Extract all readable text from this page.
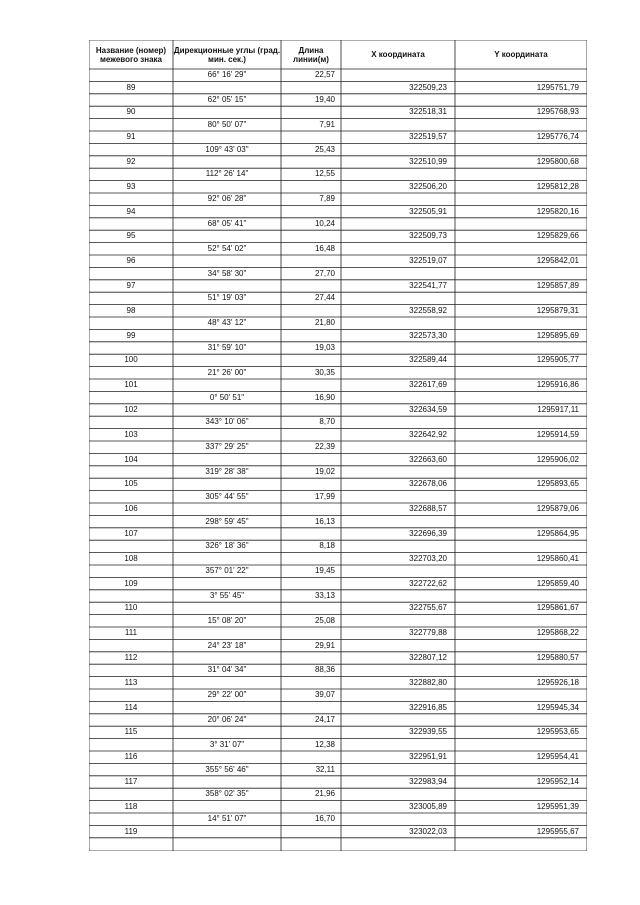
Название (номер) межевого знака
Дирекционные углы (град. мин. сек.)
Длина линии(м)	X координата	Y координата
66° 16' 29"	22,57
89	322509,23	1295751,79
62° 05' 15"	19,40
90	322518,31	1295768,93
80° 50' 07"	7,91
91	322519,57	1295776,74
109° 43' 03"	25,43
92	322510,99	1295800,68
112° 26' 14"	12,55
93	322506,20	1295812,28
92° 06' 28"	7,89
94	322505,91	1295820,16
68° 05' 41"	10,24
95	322509,73	1295829,66
52° 54' 02"	16,48
96	322519,07	1295842,01
34° 58' 30"	27,70
97	322541,77	1295857,89
51° 19' 03"	27,44
98	322558,92	1295879,31
48° 43' 12"	21,80
99	322573,30	1295895,69
31° 59' 10"	19,03
100	322589,44	1295905,77
21° 26' 00"	30,35
101	322617,69	1295916,86
0° 50' 51"	16,90
102	322634,59	1295917,11
343° 10' 06"	8,70
103	322642,92	1295914,59
337° 29' 25"	22,39
104	322663,60	1295906,02
319° 28' 38"	19,02
105	322678,06	1295893,65
305° 44' 55"	17,99
106	322688,57	1295879,06
298° 59' 45"	16,13
107	322696,39	1295864,95
326° 18' 36"	8,18
108	322703,20	1295860,41
357° 01' 22"	19,45
109	322722,62	1295859,40
3° 55' 45"	33,13
110	322755,67	1295861,67
15° 08' 20"	25,08
111	322779,88	1295868,22
24° 23' 18"	29,91
112	322807,12	1295880,57
31° 04' 34"	88,36
113	322882,80	1295926,18
29° 22' 00"	39,07
114	322916,85	1295945,34
20° 06' 24"	24,17
115	322939,55	1295953,65
3° 31' 07"	12,38
116	322951,91	1295954,41
355° 56' 46"	32,11
117	322983,94	1295952,14
358° 02' 35"	21,96
118	323005,89	1295951,39
14° 51' 07"	16,70
119	323022,03	1295955,67
